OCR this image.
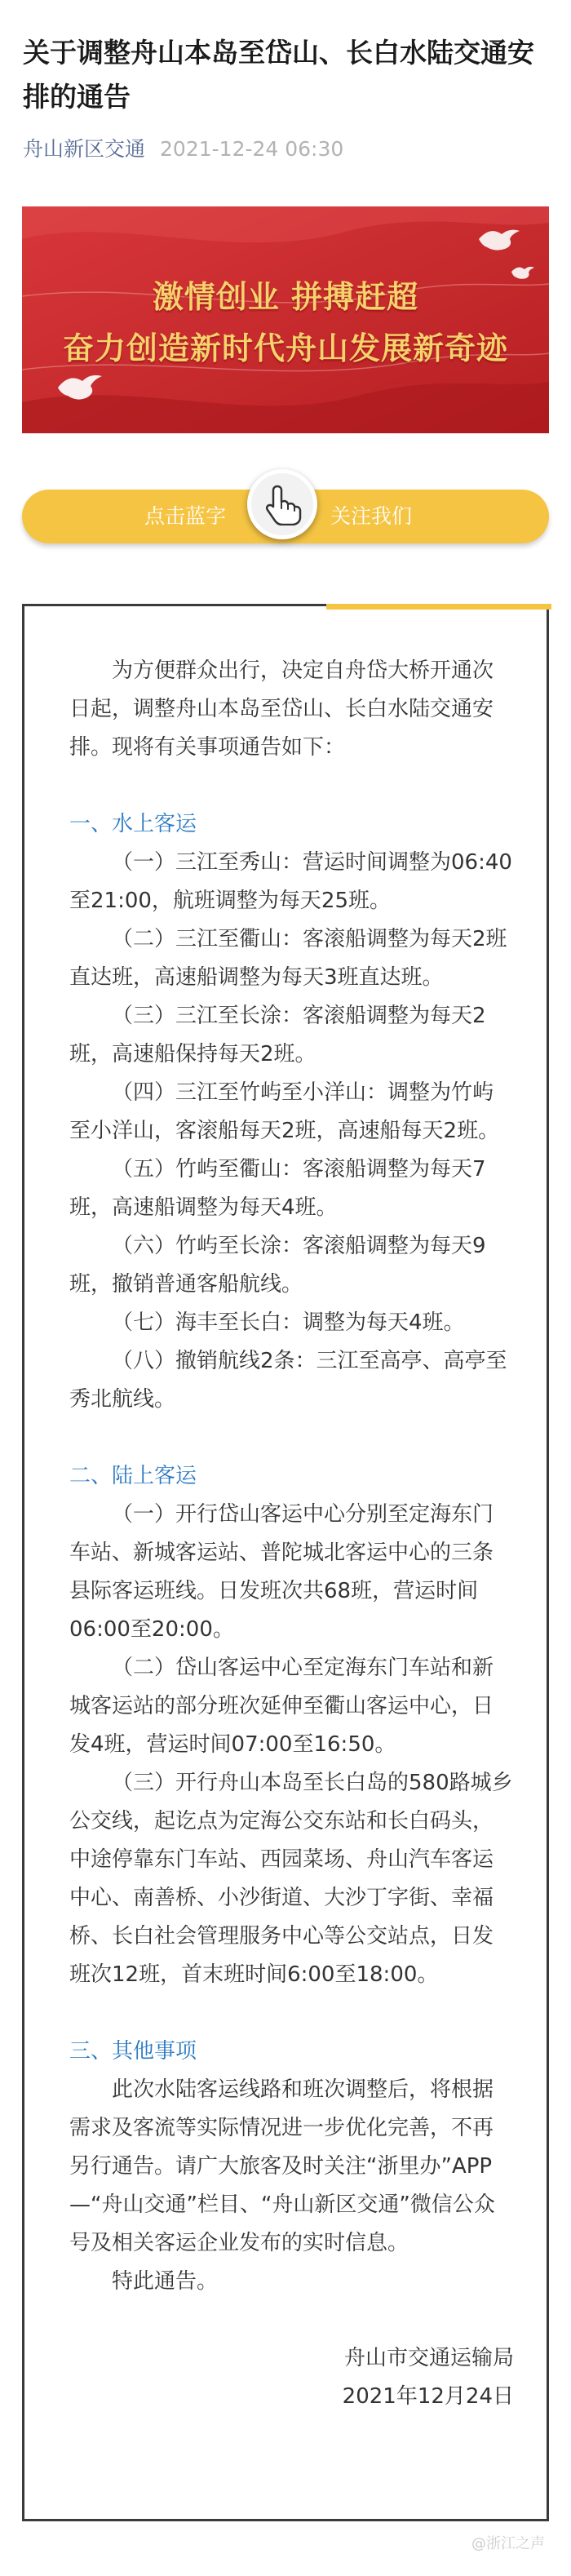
关于调整舟山本岛至岱山、长白水陆交通安排的通告
舟山新区交通 2021-12-24 06:30
激情创业 拼搏赶超
奋力创造新时代舟山发展新奇迹
点击蓝字	关注我们

为方便群众出行，决定自舟岱大桥开通次日起，调整舟山本岛至岱山、长白水陆交通安排。现将有关事项通告如下：

一、水上客运

（一）三江至秀山：营运时间调整为06:40至21:00，航班调整为每天25班。

（二）三江至衢山：客滚船调整为每天2班直达班，高速船调整为每天3班直达班。

（三）三江至长涂：客滚船调整为每天2班，高速船保持每天2班。

（四）三江至竹屿至小洋山：调整为竹屿至小洋山，客滚船每天2班，高速船每天2班。

（五）竹屿至衢山：客滚船调整为每天7班，高速船调整为每天4班。

（六）竹屿至长涂：客滚船调整为每天9班，撤销普通客船航线。

（七）海丰至长白：调整为每天4班。

（八）撤销航线2条：三江至高亭、高亭至秀北航线。

二、陆上客运

（一）开行岱山客运中心分别至定海东门车站、新城客运站、普陀城北客运中心的三条县际客运班线。日发班次共68班，营运时间06:00至20:00。

（二）岱山客运中心至定海东门车站和新城客运站的部分班次延伸至衢山客运中心，日发4班，营运时间07:00至16:50。

（三）开行舟山本岛至长白岛的580路城乡公交线，起讫点为定海公交东站和长白码头，中途停靠东门车站、西园菜场、舟山汽车客运中心、南善桥、小沙街道、大沙丁字街、幸福桥、长白社会管理服务中心等公交站点，日发班次12班，首末班时间6:00至18:00。

三、其他事项

此次水陆客运线路和班次调整后，将根据需求及客流等实际情况进一步优化完善，不再另行通告。请广大旅客及时关注“浙里办”APP—“舟山交通”栏目、“舟山新区交通”微信公众号及相关客运企业发布的实时信息。

特此通告。

舟山市交通运输局

2021年12月24日

@浙江之声
